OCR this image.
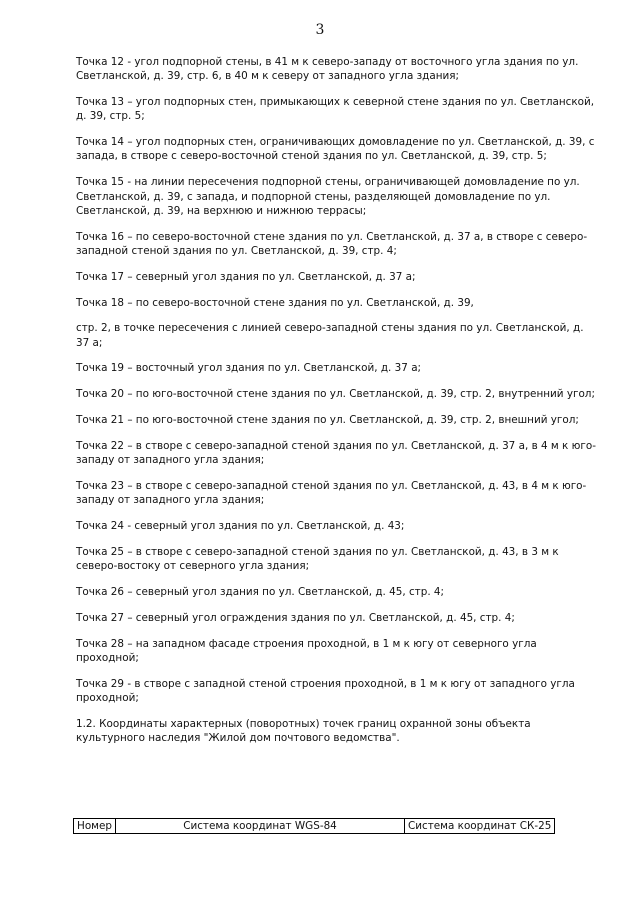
3

Точка 12 - угол подпорной стены, в 41 м к северо-западу от восточного угла здания по ул. Светланской, д. 39, стр. 6, в 40 м к северу от западного угла здания;

Точка 13 – угол подпорных стен, примыкающих к северной стене здания по ул. Светланской, д. 39, стр. 5;

Точка 14 – угол подпорных стен, ограничивающих домовладение по ул. Светланской, д. 39, с запада, в створе с северо-восточной стеной здания по ул. Светланской, д. 39, стр. 5;

Точка 15 - на линии пересечения подпорной стены, ограничивающей домовладение по ул. Светланской, д. 39, с запада, и подпорной стены, разделяющей домовладение по ул. Светланской, д. 39, на верхнюю и нижнюю террасы;

Точка 16 – по северо-восточной стене здания по ул. Светланской, д. 37 а, в створе с северо-западной стеной здания по ул. Светланской, д. 39, стр. 4;

Точка 17 – северный угол здания по ул. Светланской, д. 37 а;

Точка 18 – по северо-восточной стене здания по ул. Светланской, д. 39,

стр. 2, в точке пересечения с линией северо-западной стены здания по ул. Светланской, д. 37 а;

Точка 19 – восточный угол здания по ул. Светланской, д. 37 а;

Точка 20 – по юго-восточной стене здания по ул. Светланской, д. 39, стр. 2, внутренний угол;

Точка 21 – по юго-восточной стене здания по ул. Светланской, д. 39, стр. 2, внешний угол;

Точка 22 – в створе с северо-западной стеной здания по ул. Светланской, д. 37 а, в 4 м к юго-западу от западного угла здания;

Точка 23 – в створе с северо-западной стеной здания по ул. Светланской, д. 43, в 4 м к юго-западу от западного угла здания;

Точка 24 - северный угол здания по ул. Светланской, д. 43;

Точка 25 – в створе с северо-западной стеной здания по ул. Светланской, д. 43, в 3 м к северо-востоку от северного угла здания;

Точка 26 – северный угол здания по ул. Светланской, д. 45, стр. 4;

Точка 27 – северный угол ограждения здания по ул. Светланской, д. 45, стр. 4;

Точка 28 – на западном фасаде строения проходной, в 1 м к югу от северного угла проходной;

Точка 29 - в створе с западной стеной строения проходной, в 1 м к югу от западного угла проходной;

1.2. Координаты характерных (поворотных) точек границ охранной зоны объекта культурного наследия "Жилой дом почтового ведомства".

Номер	Система координат WGS-84	Система координат СК-25
